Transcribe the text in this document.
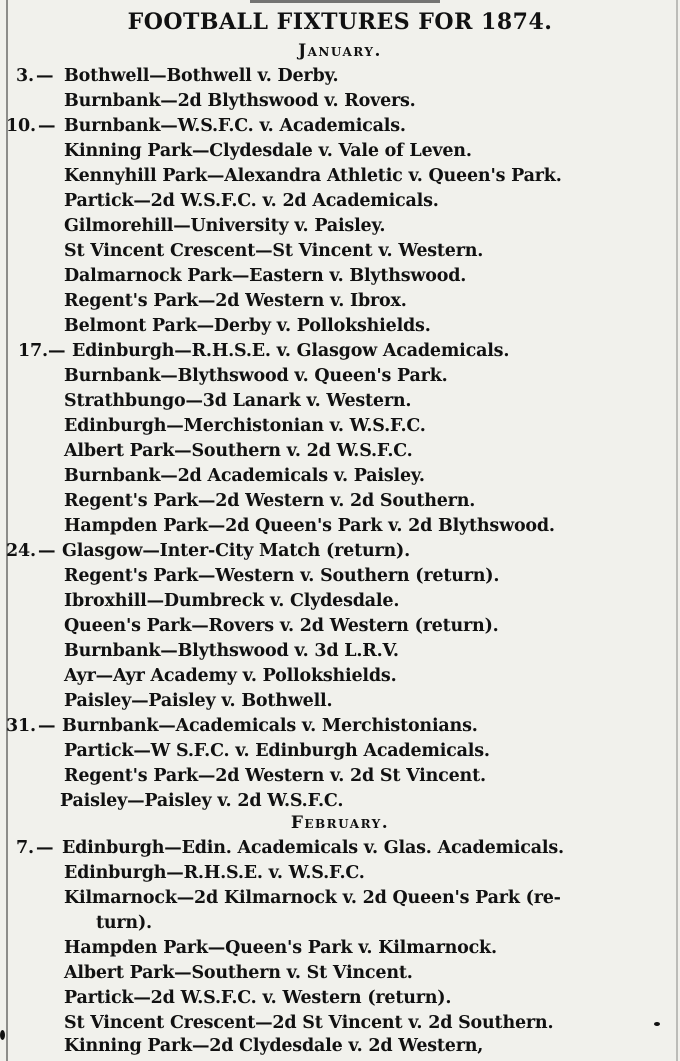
FOOTBALL FIXTURES FOR 1874.
January.
3. — Bothwell—Bothwell v. Derby.
Burnbank—2d Blythswood v. Rovers.
10. — Burnbank—W.S.F.C. v. Academicals.
Kinning Park—Clydesdale v. Vale of Leven.
Kennyhill Park—Alexandra Athletic v. Queen's Park.
Partick—2d W.S.F.C. v. 2d Academicals.
Gilmorehill—University v. Paisley.
St Vincent Crescent—St Vincent v. Western.
Dalmarnock Park—Eastern v. Blythswood.
Regent's Park—2d Western v. Ibrox.
Belmont Park—Derby v. Pollokshields.
17. — Edinburgh—R.H.S.E. v. Glasgow Academicals.
Burnbank—Blythswood v. Queen's Park.
Strathbungo—3d Lanark v. Western.
Edinburgh—Merchistonian v. W.S.F.C.
Albert Park—Southern v. 2d W.S.F.C.
Burnbank—2d Academicals v. Paisley.
Regent's Park—2d Western v. 2d Southern.
Hampden Park—2d Queen's Park v. 2d Blythswood.
24. — Glasgow—Inter-City Match (return).
Regent's Park—Western v. Southern (return).
Ibroxhill—Dumbreck v. Clydesdale.
Queen's Park—Rovers v. 2d Western (return).
Burnbank—Blythswood v. 3d L.R.V.
Ayr—Ayr Academy v. Pollokshields.
Paisley—Paisley v. Bothwell.
31. — Burnbank—Academicals v. Merchistonians.
Partick—W S.F.C. v. Edinburgh Academicals.
Regent's Park—2d Western v. 2d St Vincent.
Paisley—Paisley v. 2d W.S.F.C.
February.
7. — Edinburgh—Edin. Academicals v. Glas. Academicals.
Edinburgh—R.H.S.E. v. W.S.F.C.
Kilmarnock—2d Kilmarnock v. 2d Queen's Park (re-
turn).
Hampden Park—Queen's Park v. Kilmarnock.
Albert Park—Southern v. St Vincent.
Partick—2d W.S.F.C. v. Western (return).
St Vincent Crescent—2d St Vincent v. 2d Southern.
Kinning Park—2d Clydesdale v. 2d Western,
